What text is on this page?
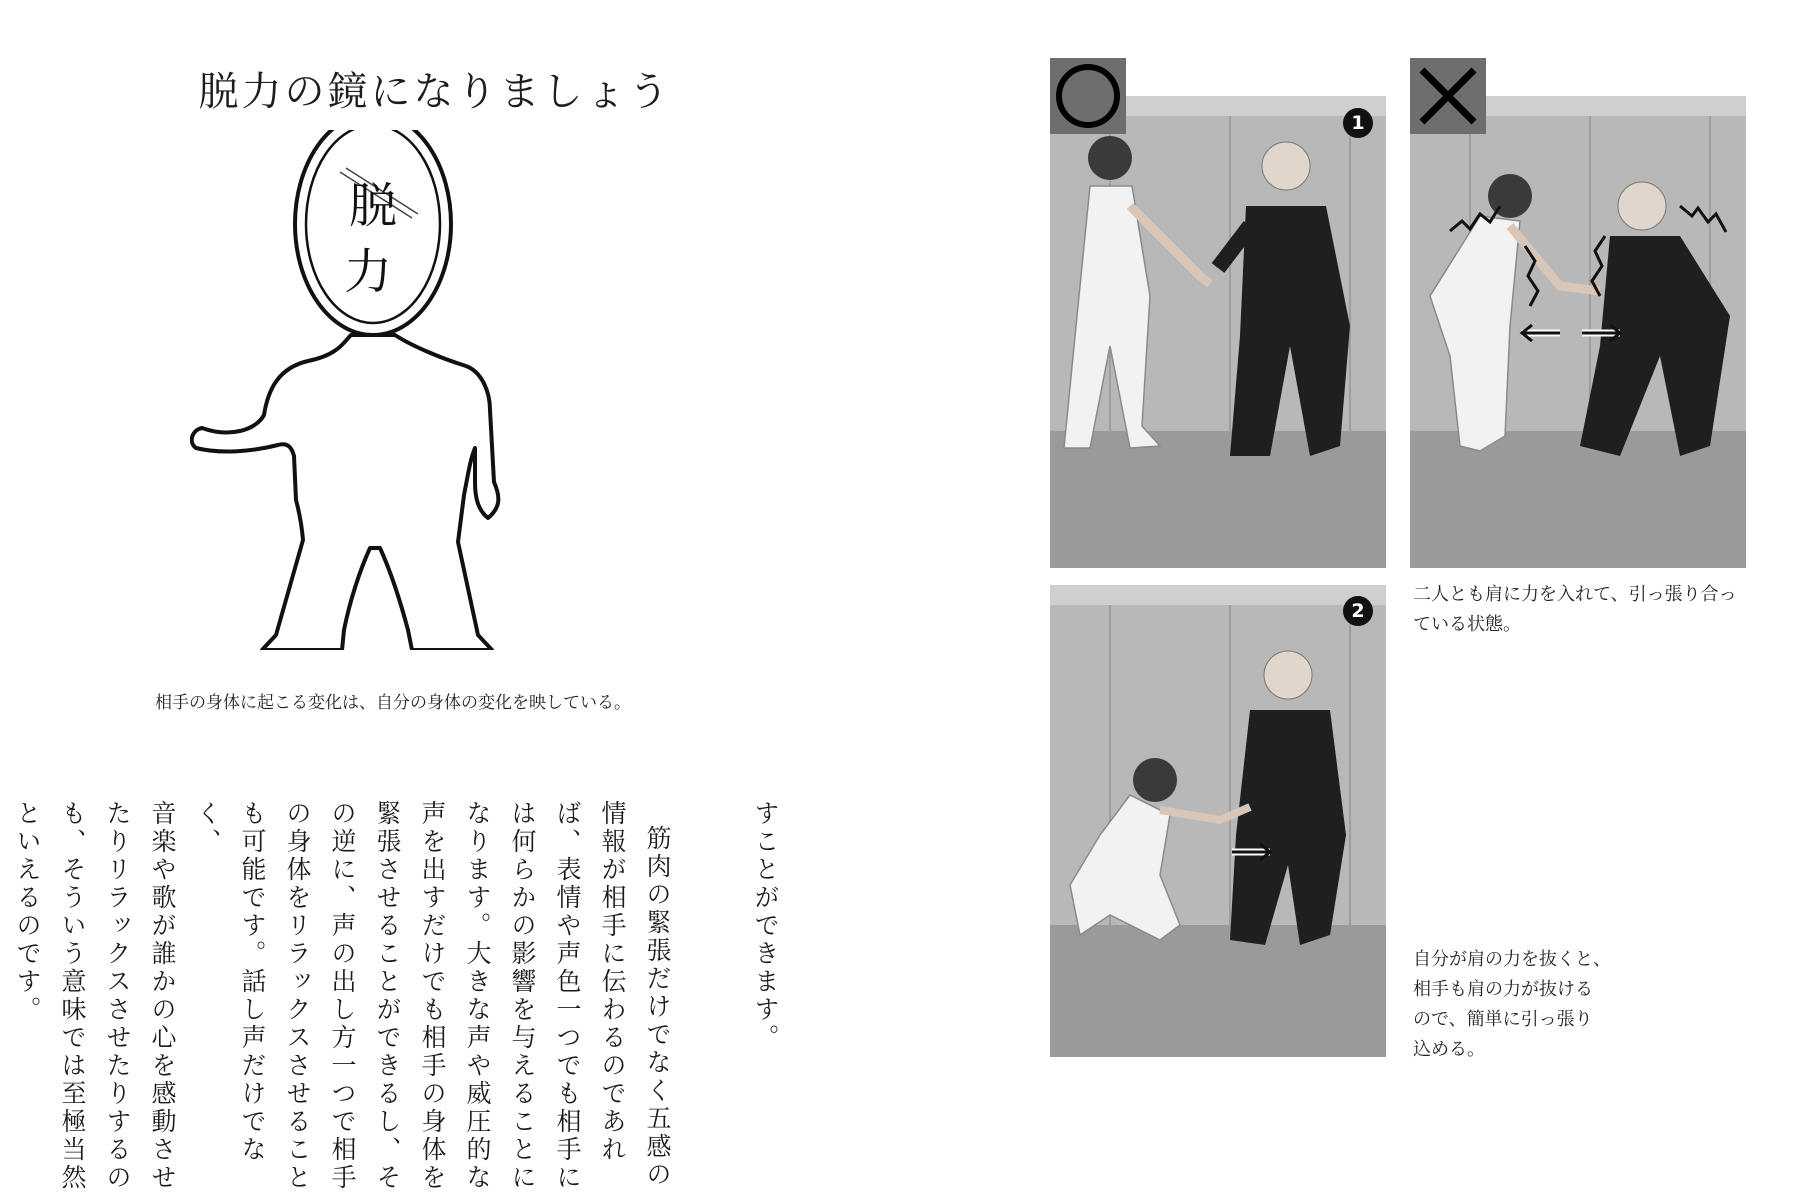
脱力の鏡になりましょう
脱
力
相手の身体に起こる変化は、自分の身体の変化を映している。
すことができます。
筋肉の緊張だけでなく五感の
情報が相手に伝わるのであれ
ば、表情や声色一つでも相手に
は何らかの影響を与えることに
なります。大きな声や威圧的な
声を出すだけでも相手の身体を
緊張させることができるし、そ
の逆に、声の出し方一つで相手
の身体をリラックスさせること
も可能です。話し声だけでなく、
音楽や歌が誰かの心を感動させ
たりリラックスさせたりするの
も、そういう意味では至極当然
といえるのです。
1
2
二人とも肩に力を入れて、引っ張り合っ
ている状態。
自分が肩の力を抜くと、
相手も肩の力が抜ける
ので、簡単に引っ張り
込める。
